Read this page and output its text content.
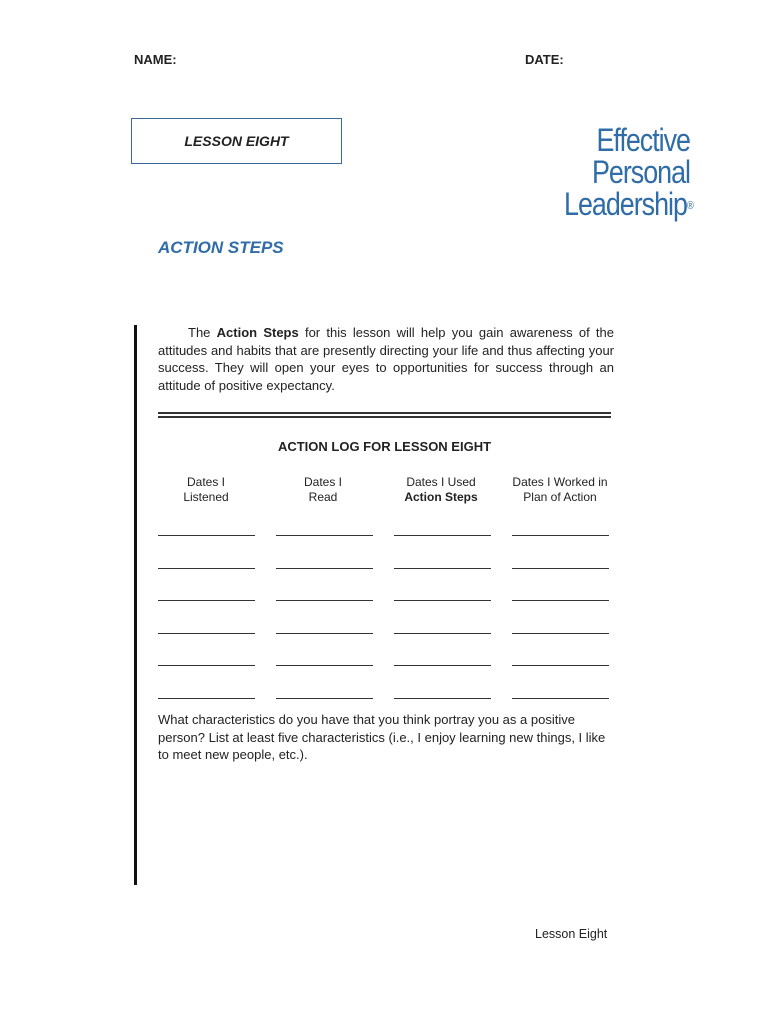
NAME:	DATE:
LESSON EIGHT	Effective
Personal
Leadership®
ACTION STEPS
The Action Steps for this lesson will help you gain awareness of the attitudes and habits that are presently directing your life and thus affecting your success. They will open your eyes to opportunities for success through an attitude of positive expectancy.
ACTION LOG FOR LESSON EIGHT
Dates I
Listened
Dates I
Read
Dates I Used
Action Steps
Dates I Worked in
Plan of Action
What characteristics do you have that you think portray you as a positive person? List at least five characteristics (i.e., I enjoy learning new things, I like to meet new people, etc.).
Lesson Eight
